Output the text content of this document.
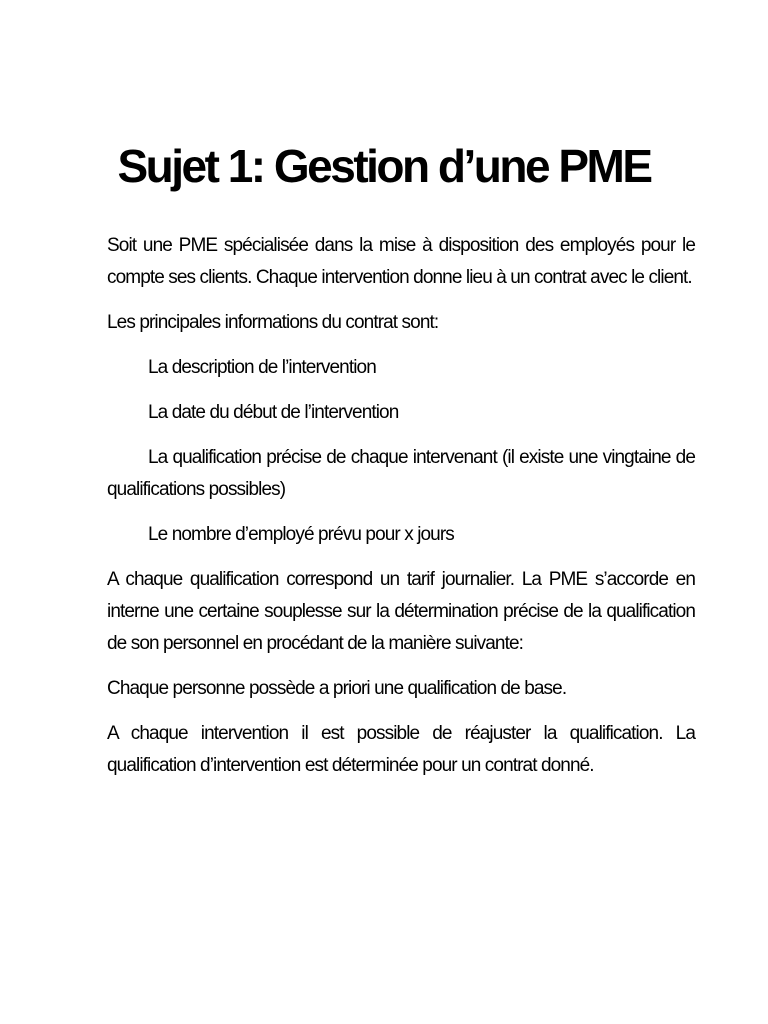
Sujet 1: Gestion d’une PME

Soit une PME spécialisée dans la mise à disposition des employés pour le compte ses clients. Chaque intervention donne lieu à un contrat avec le client.

Les principales informations du contrat sont:

La description de l’intervention

La date du début de l’intervention

La qualification précise de chaque intervenant (il existe une vingtaine de qualifications possibles)

Le nombre d’employé prévu pour x jours

A chaque qualification correspond un tarif journalier. La PME s’accorde en interne une certaine souplesse sur la détermination précise de la qualification de son personnel en procédant de la manière suivante:

Chaque personne possède a priori une qualification de base.

A chaque intervention il est possible de réajuster la qualification. La qualification d’intervention est déterminée pour un contrat donné.
